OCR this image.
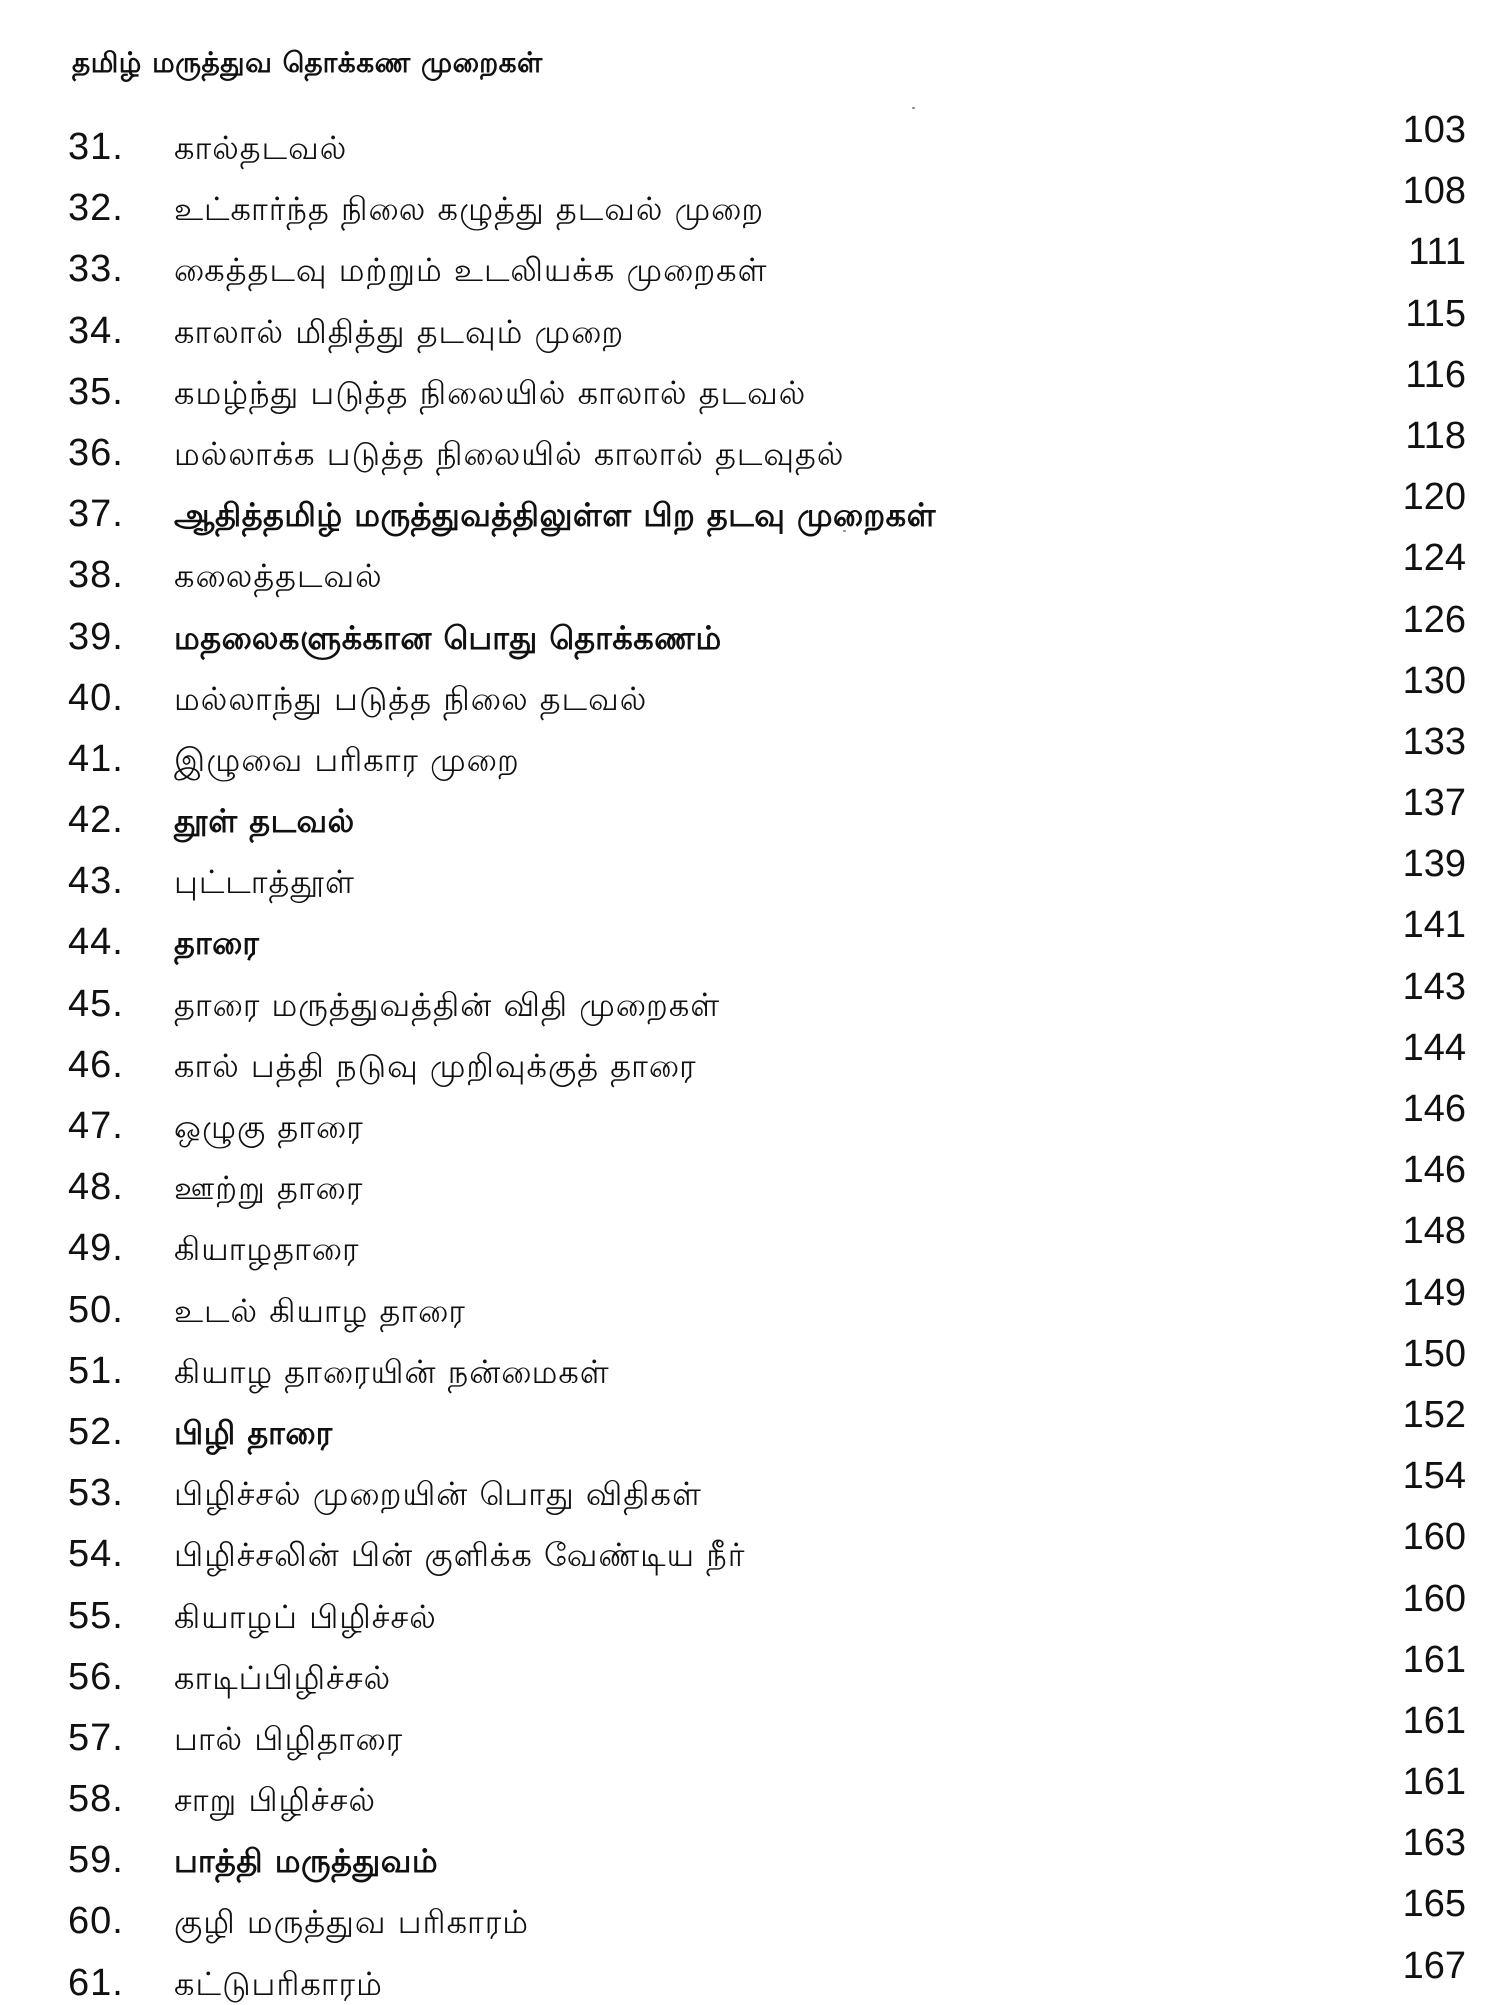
தமிழ் மருத்துவ தொக்கண முறைகள்
31. கால்தடவல்	103
32. உட்கார்ந்த நிலை கழுத்து தடவல் முறை	108
33. கைத்தடவு மற்றும் உடலியக்க முறைகள்	111
34. காலால் மிதித்து தடவும் முறை	115
35. கமழ்ந்து படுத்த நிலையில் காலால் தடவல்	116
36. மல்லாக்க படுத்த நிலையில் காலால் தடவுதல்	118
37. ஆதித்தமிழ் மருத்துவத்திலுள்ள பிற தடவு முறைகள்	120
38. கலைத்தடவல்	124
39. மதலைகளுக்கான பொது தொக்கணம்	126
40. மல்லாந்து படுத்த நிலை தடவல்	130
41. இழுவை பரிகார முறை	133
42. தூள் தடவல்	137
43. புட்டாத்தூள்	139
44. தாரை	141
45. தாரை மருத்துவத்தின் விதி முறைகள்	143
46. கால் பத்தி நடுவு முறிவுக்குத் தாரை	144
47. ஒழுகு தாரை	146
48. ஊற்று தாரை	146
49. கியாழதாரை	148
50. உடல் கியாழ தாரை	149
51. கியாழ தாரையின் நன்மைகள்	150
52. பிழி தாரை	152
53. பிழிச்சல் முறையின் பொது விதிகள்	154
54. பிழிச்சலின் பின் குளிக்க வேண்டிய நீர்	160
55. கியாழப் பிழிச்சல்	160
56. காடிப்பிழிச்சல்	161
57. பால் பிழிதாரை	161
58. சாறு பிழிச்சல்	161
59. பாத்தி மருத்துவம்	163
60. குழி மருத்துவ பரிகாரம்	165
61. கட்டுபரிகாரம்	167
